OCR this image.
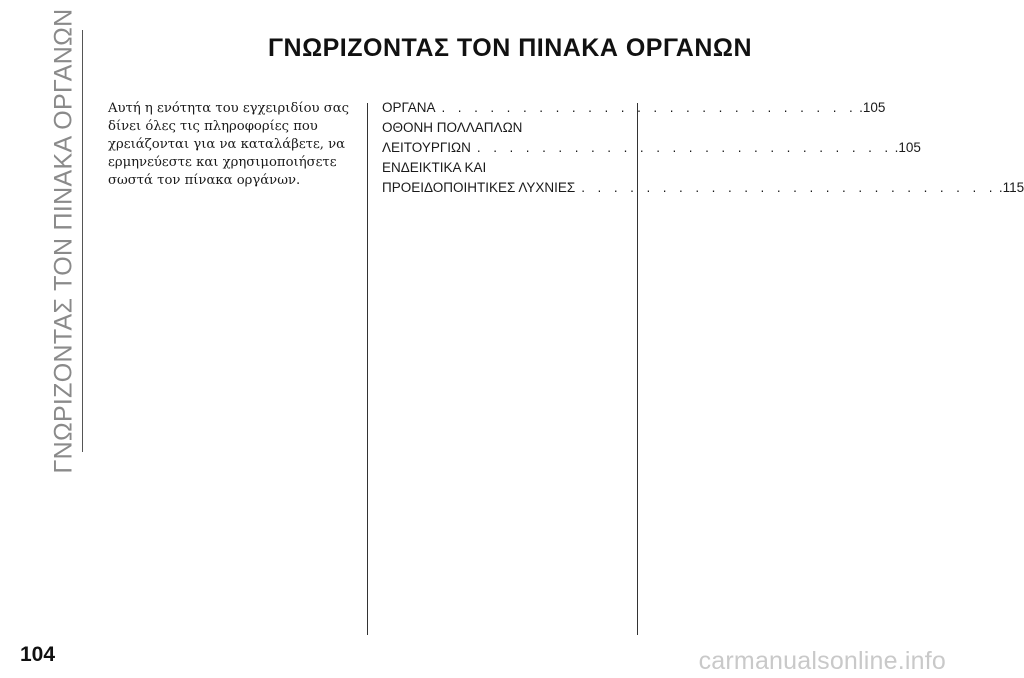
ΓΝΩΡΙΖΟΝΤΑΣ ΤΟΝ ΠΙΝΑΚΑ ΟΡΓΑΝΩΝ	ΓΝΩΡΙΖΟΝΤΑΣ ΤΟΝ ΠΙΝΑΚΑ ΟΡΓΑΝΩΝ
Αυτή η ενότητα του εγχειριδίου σας
δίνει όλες τις πληροφορίες που
χρειάζονται για να καταλάβετε, να
ερμηνεύεστε και χρησιμοποιήσετε
σωστά τον πίνακα οργάνων.
ΟΡΓΑΝΑ . . . . . . . . . . . . . . . . . . . . . . . . . . .105
ΟΘΟΝΗ ΠΟΛΛΑΠΛΩΝ
ΛΕΙΤΟΥΡΓΙΩΝ . . . . . . . . . . . . . . . . . . . . . . . . . . .105
ΕΝΔΕΙΚΤΙΚΑ ΚΑΙ
ΠΡΟΕΙΔΟΠΟΙΗΤΙΚΕΣ ΛΥΧΝΙΕΣ . . . . . . . . . . . . . . . . . . . . . . . . . . .115
104	carmanualsonline.info
